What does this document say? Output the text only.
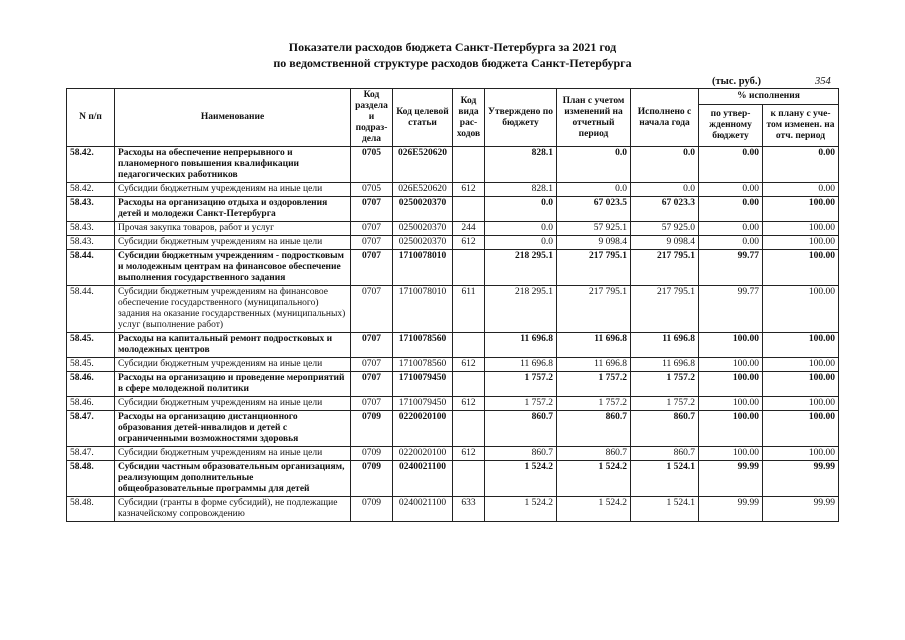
Показатели расходов бюджета Санкт-Петербурга за 2021 год
по ведомственной структуре расходов бюджета Санкт-Петербурга
(тыс. руб.)	354
N п/п	Наименование	Код раздела и подраз- дела	Код целевой статьи	Код вида рас- ходов	Утверждено по бюджету	План с учетом изменений на отчетный период	Исполнено с начала года	% исполнения	
								по утвер- жденному бюджету	к плану с уче- том изменен. на отч. период
58.42.	Расходы на обеспечение непрерывного и планомерного повышения квалификации педагогических работников	0705	026E520620		828.1	0.0	0.0	0.00	0.00
58.42.	Субсидии бюджетным учреждениям на иные цели	0705	026E520620	612	828.1	0.0	0.0	0.00	0.00
58.43.	Расходы на организацию отдыха и оздоровления детей и молодежи Санкт-Петербурга	0707	0250020370		0.0	67 023.5	67 023.3	0.00	100.00
58.43.	Прочая закупка товаров, работ и услуг	0707	0250020370	244	0.0	57 925.1	57 925.0	0.00	100.00
58.43.	Субсидии бюджетным учреждениям на иные цели	0707	0250020370	612	0.0	9 098.4	9 098.4	0.00	100.00
58.44.	Субсидии бюджетным учреждениям - подростковым и молодежным центрам на финансовое обеспечение выполнения государственного задания	0707	1710078010		218 295.1	217 795.1	217 795.1	99.77	100.00
58.44.	Субсидии бюджетным учреждениям на финансовое обеспечение государственного (муниципального) задания на оказание государственных (муниципальных) услуг (выполнение работ)	0707	1710078010	611	218 295.1	217 795.1	217 795.1	99.77	100.00
58.45.	Расходы на капитальный ремонт подростковых и молодежных центров	0707	1710078560		11 696.8	11 696.8	11 696.8	100.00	100.00
58.45.	Субсидии бюджетным учреждениям на иные цели	0707	1710078560	612	11 696.8	11 696.8	11 696.8	100.00	100.00
58.46.	Расходы на организацию и проведение мероприятий в сфере молодежной политики	0707	1710079450		1 757.2	1 757.2	1 757.2	100.00	100.00
58.46.	Субсидии бюджетным учреждениям на иные цели	0707	1710079450	612	1 757.2	1 757.2	1 757.2	100.00	100.00
58.47.	Расходы на организацию дистанционного образования детей-инвалидов и детей с ограниченными возможностями здоровья	0709	0220020100		860.7	860.7	860.7	100.00	100.00
58.47.	Субсидии бюджетным учреждениям на иные цели	0709	0220020100	612	860.7	860.7	860.7	100.00	100.00
58.48.	Субсидии частным образовательным организациям, реализующим дополнительные общеобразовательные программы для детей	0709	0240021100		1 524.2	1 524.2	1 524.1	99.99	99.99
58.48.	Субсидии (гранты в форме субсидий), не подлежащие казначейскому сопровождению	0709	0240021100	633	1 524.2	1 524.2	1 524.1	99.99	99.99
